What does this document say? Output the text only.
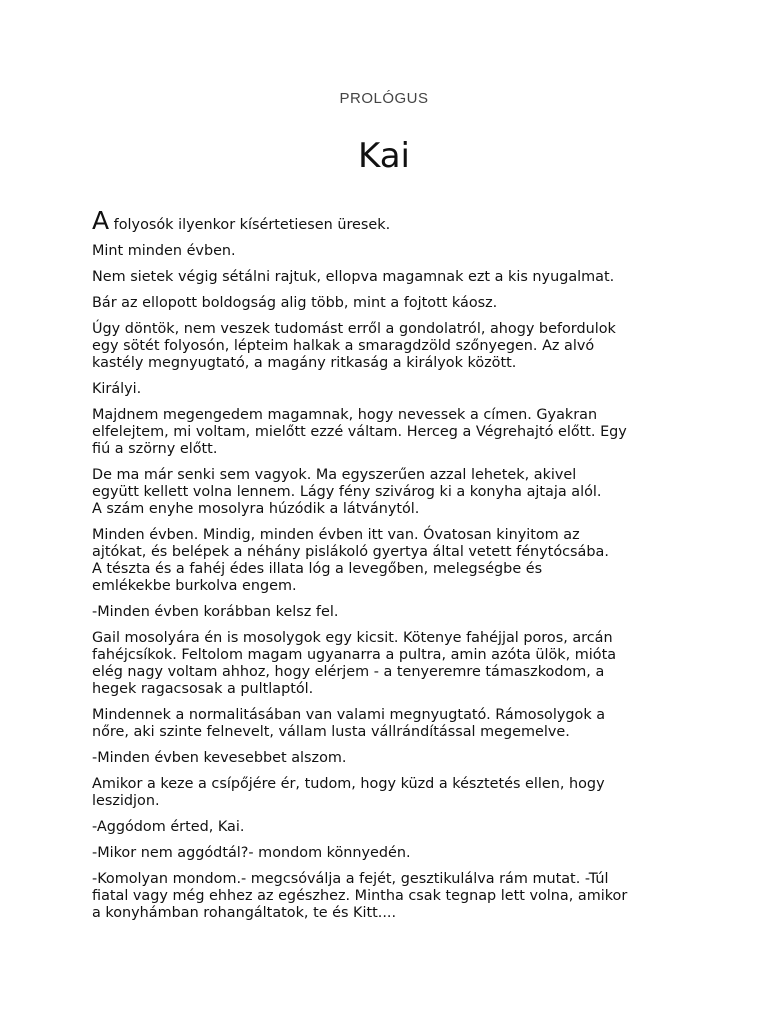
PROLÓGUS
Kai

A folyosók ilyenkor kísértetiesen üresek.

Mint minden évben.

Nem sietek végig sétálni rajtuk, ellopva magamnak ezt a kis nyugalmat.

Bár az ellopott boldogság alig több, mint a fojtott káosz.

Úgy döntök, nem veszek tudomást erről a gondolatról, ahogy befordulok
egy sötét folyosón, lépteim halkak a smaragdzöld szőnyegen. Az alvó
kastély megnyugtató, a magány ritkaság a királyok között.

Királyi.

Majdnem megengedem magamnak, hogy nevessek a címen. Gyakran
elfelejtem, mi voltam, mielőtt ezzé váltam. Herceg a Végrehajtó előtt. Egy
fiú a szörny előtt.

De ma már senki sem vagyok. Ma egyszerűen azzal lehetek, akivel
együtt kellett volna lennem. Lágy fény szivárog ki a konyha ajtaja alól.
A szám enyhe mosolyra húzódik a látványtól.

Minden évben. Mindig, minden évben itt van. Óvatosan kinyitom az
ajtókat, és belépek a néhány pislákoló gyertya által vetett fénytócsába.
A tészta és a fahéj édes illata lóg a levegőben, melegségbe és
emlékekbe burkolva engem.

-Minden évben korábban kelsz fel.

Gail mosolyára én is mosolygok egy kicsit. Kötenye fahéjjal poros, arcán
fahéjcsíkok. Feltolom magam ugyanarra a pultra, amin azóta ülök, mióta
elég nagy voltam ahhoz, hogy elérjem - a tenyeremre támaszkodom, a
hegek ragacsosak a pultlaptól.

Mindennek a normalitásában van valami megnyugtató. Rámosolygok a
nőre, aki szinte felnevelt, vállam lusta vállrándítással megemelve.

-Minden évben kevesebbet alszom.

Amikor a keze a csípőjére ér, tudom, hogy küzd a késztetés ellen, hogy
leszidjon.

-Aggódom érted, Kai.

-Mikor nem aggódtál?- mondom könnyedén.

-Komolyan mondom.- megcsóválja a fejét, gesztikulálva rám mutat. -Túl
fiatal vagy még ehhez az egészhez. Mintha csak tegnap lett volna, amikor
a konyhámban rohangáltatok, te és Kitt....
